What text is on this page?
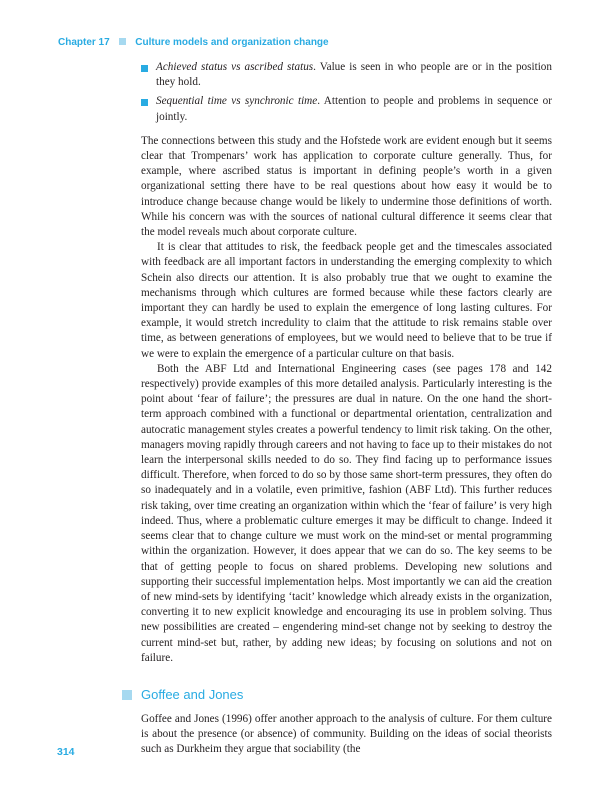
Chapter 17	Culture models and organization change
Achieved status vs ascribed status. Value is seen in who people are or in the position they hold.
Sequential time vs synchronic time. Attention to people and problems in sequence or jointly.

The connections between this study and the Hofstede work are evident enough but it seems clear that Trompenars’ work has application to corporate culture generally. Thus, for example, where ascribed status is important in defining people’s worth in a given organizational setting there have to be real questions about how easy it would be to introduce change because change would be likely to undermine those definitions of worth. While his concern was with the sources of national cultural difference it seems clear that the model reveals much about corporate culture.

It is clear that attitudes to risk, the feedback people get and the timescales associated with feedback are all important factors in understanding the emerging complexity to which Schein also directs our attention. It is also probably true that we ought to examine the mechanisms through which cultures are formed because while these factors clearly are important they can hardly be used to explain the emergence of long lasting cultures. For example, it would stretch incredulity to claim that the attitude to risk remains stable over time, as between generations of employees, but we would need to believe that to be true if we were to explain the emergence of a particular culture on that basis.

Both the ABF Ltd and International Engineering cases (see pages 178 and 142 respectively) provide examples of this more detailed analysis. Particularly interesting is the point about ‘fear of failure’; the pressures are dual in nature. On the one hand the short-term approach combined with a functional or departmental orientation, centralization and autocratic management styles creates a powerful tendency to limit risk taking. On the other, managers moving rapidly through careers and not having to face up to their mistakes do not learn the interpersonal skills needed to do so. They find facing up to performance issues difficult. Therefore, when forced to do so by those same short-term pressures, they often do so inadequately and in a volatile, even primitive, fashion (ABF Ltd). This further reduces risk taking, over time creating an organization within which the ‘fear of failure’ is very high indeed. Thus, where a problematic culture emerges it may be difficult to change. Indeed it seems clear that to change culture we must work on the mind-set or mental programming within the organization. However, it does appear that we can do so. The key seems to be that of getting people to focus on shared problems. Developing new solutions and supporting their successful implementation helps. Most importantly we can aid the creation of new mind-sets by identifying ‘tacit’ knowledge which already exists in the organization, converting it to new explicit knowledge and encouraging its use in problem solving. Thus new possibilities are created – engendering mind-set change not by seeking to destroy the current mind-set but, rather, by adding new ideas; by focusing on solutions and not on failure.

Goffee and Jones

Goffee and Jones (1996) offer another approach to the analysis of culture. For them culture is about the presence (or absence) of community. Building on the ideas of social theorists such as Durkheim they argue that sociability (the

314
